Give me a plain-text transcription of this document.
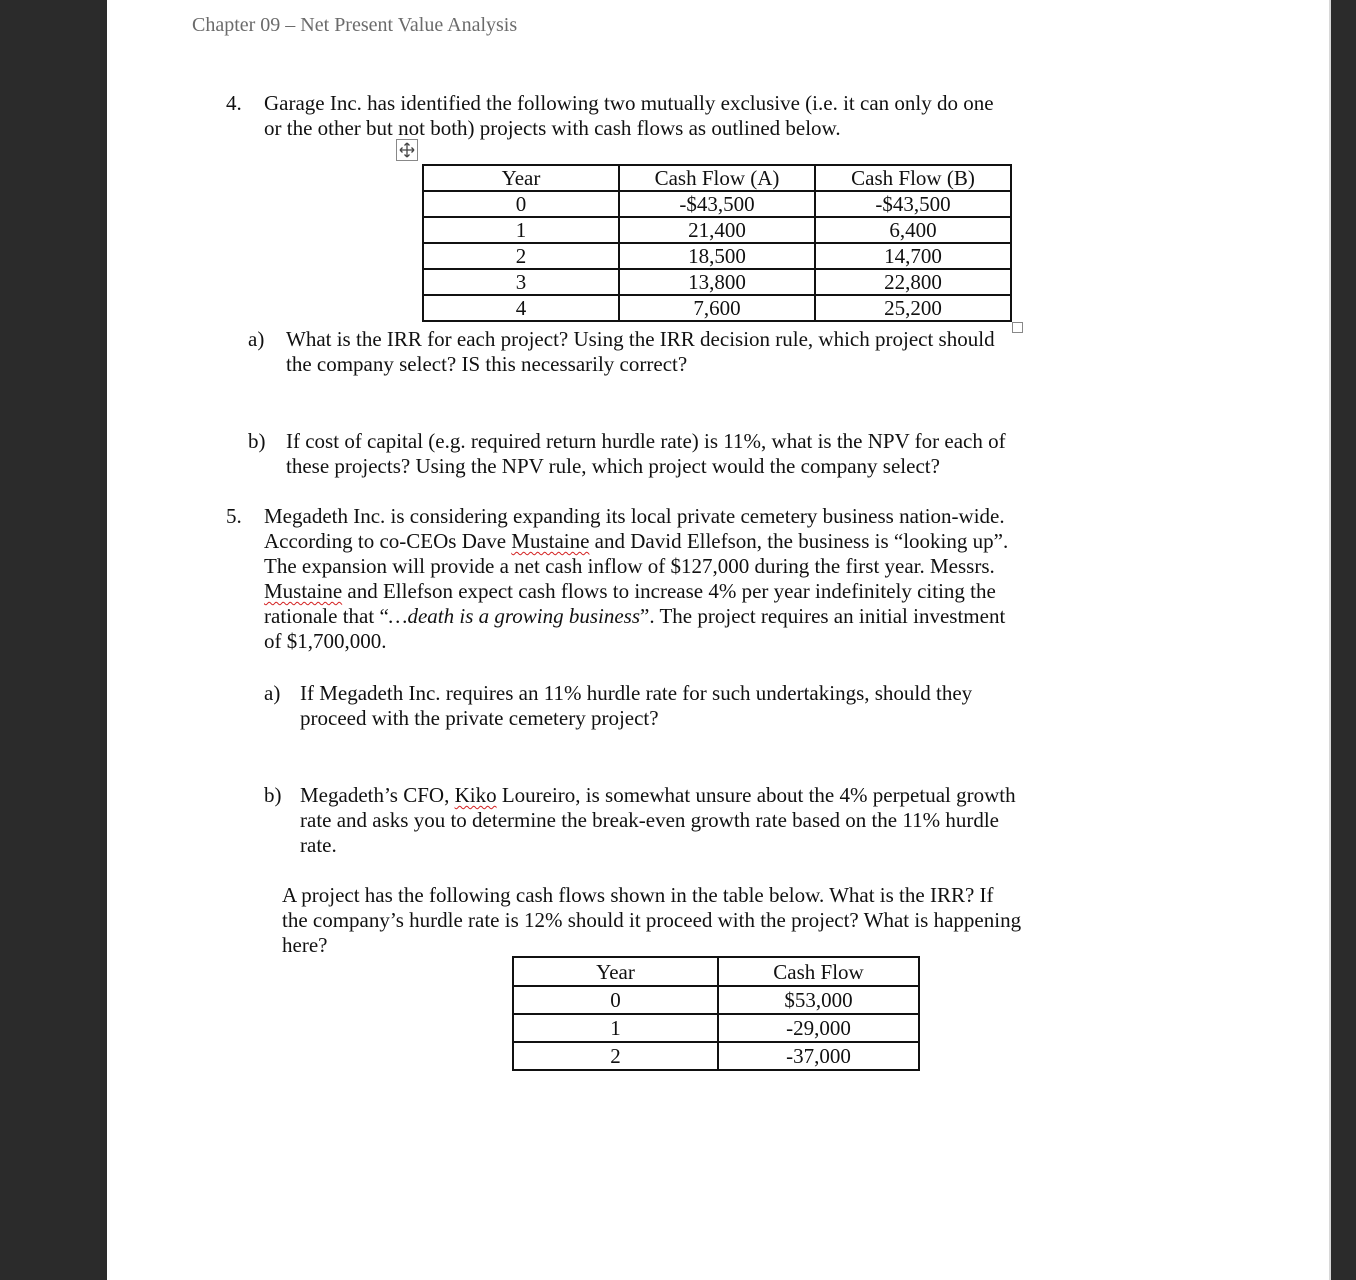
Chapter 09 – Net Present Value Analysis
4. Garage Inc. has identified the following two mutually exclusive (i.e. it can only do one
or the other but not both) projects with cash flows as outlined below.
Year	Cash Flow (A)	Cash Flow (B)
0	-$43,500	-$43,500
1	21,400	6,400
2	18,500	14,700
3	13,800	22,800
4	7,600	25,200
a) What is the IRR for each project? Using the IRR decision rule, which project should
the company select? IS this necessarily correct?
b) If cost of capital (e.g. required return hurdle rate) is 11%, what is the NPV for each of
these projects? Using the NPV rule, which project would the company select?
5. Megadeth Inc. is considering expanding its local private cemetery business nation-wide.
According to co-CEOs Dave Mustaine and David Ellefson, the business is “looking up”.
The expansion will provide a net cash inflow of $127,000 during the first year. Messrs.
Mustaine and Ellefson expect cash flows to increase 4% per year indefinitely citing the
rationale that “…death is a growing business”. The project requires an initial investment
of $1,700,000.
a) If Megadeth Inc. requires an 11% hurdle rate for such undertakings, should they
proceed with the private cemetery project?
b) Megadeth’s CFO, Kiko Loureiro, is somewhat unsure about the 4% perpetual growth
rate and asks you to determine the break-even growth rate based on the 11% hurdle
rate.
A project has the following cash flows shown in the table below. What is the IRR? If
the company’s hurdle rate is 12% should it proceed with the project? What is happening
here?
Year	Cash Flow
0	$53,000
1	-29,000
2	-37,000
